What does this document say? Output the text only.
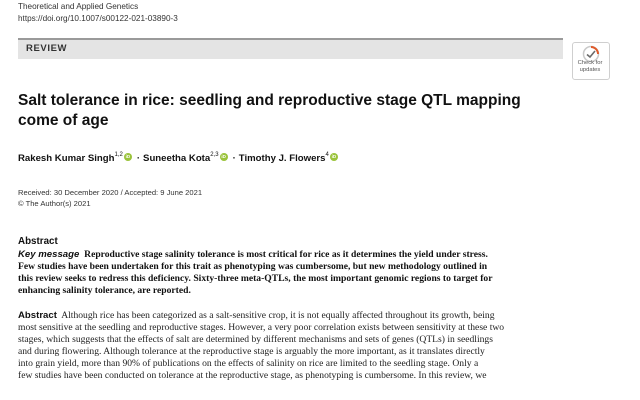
Theoretical and Applied Genetics
https://doi.org/10.1007/s00122-021-03890-3
REVIEW
Check for
updates
Salt tolerance in rice: seedling and reproductive stage QTL mapping
come of age
Rakesh Kumar Singh$^{1,2}$ iD · Suneetha Kota$^{2,3}$ iD · Timothy J. Flowers$^4$iD
Received: 30 December 2020 / Accepted: 9 June 2021
© The Author(s) 2021
Abstract
Key message Reproductive stage salinity tolerance is most critical for rice as it determines the yield under stress.
Few studies have been undertaken for this trait as phenotyping was cumbersome, but new methodology outlined in
this review seeks to redress this deficiency. Sixty-three meta-QTLs, the most important genomic regions to target for
enhancing salinity tolerance, are reported.
Abstract Although rice has been categorized as a salt-sensitive crop, it is not equally affected throughout its growth, being
most sensitive at the seedling and reproductive stages. However, a very poor correlation exists between sensitivity at these two
stages, which suggests that the effects of salt are determined by different mechanisms and sets of genes (QTLs) in seedlings
and during flowering. Although tolerance at the reproductive stage is arguably the more important, as it translates directly
into grain yield, more than 90% of publications on the effects of salinity on rice are limited to the seedling stage. Only a
few studies have been conducted on tolerance at the reproductive stage, as phenotyping is cumbersome. In this review, we
